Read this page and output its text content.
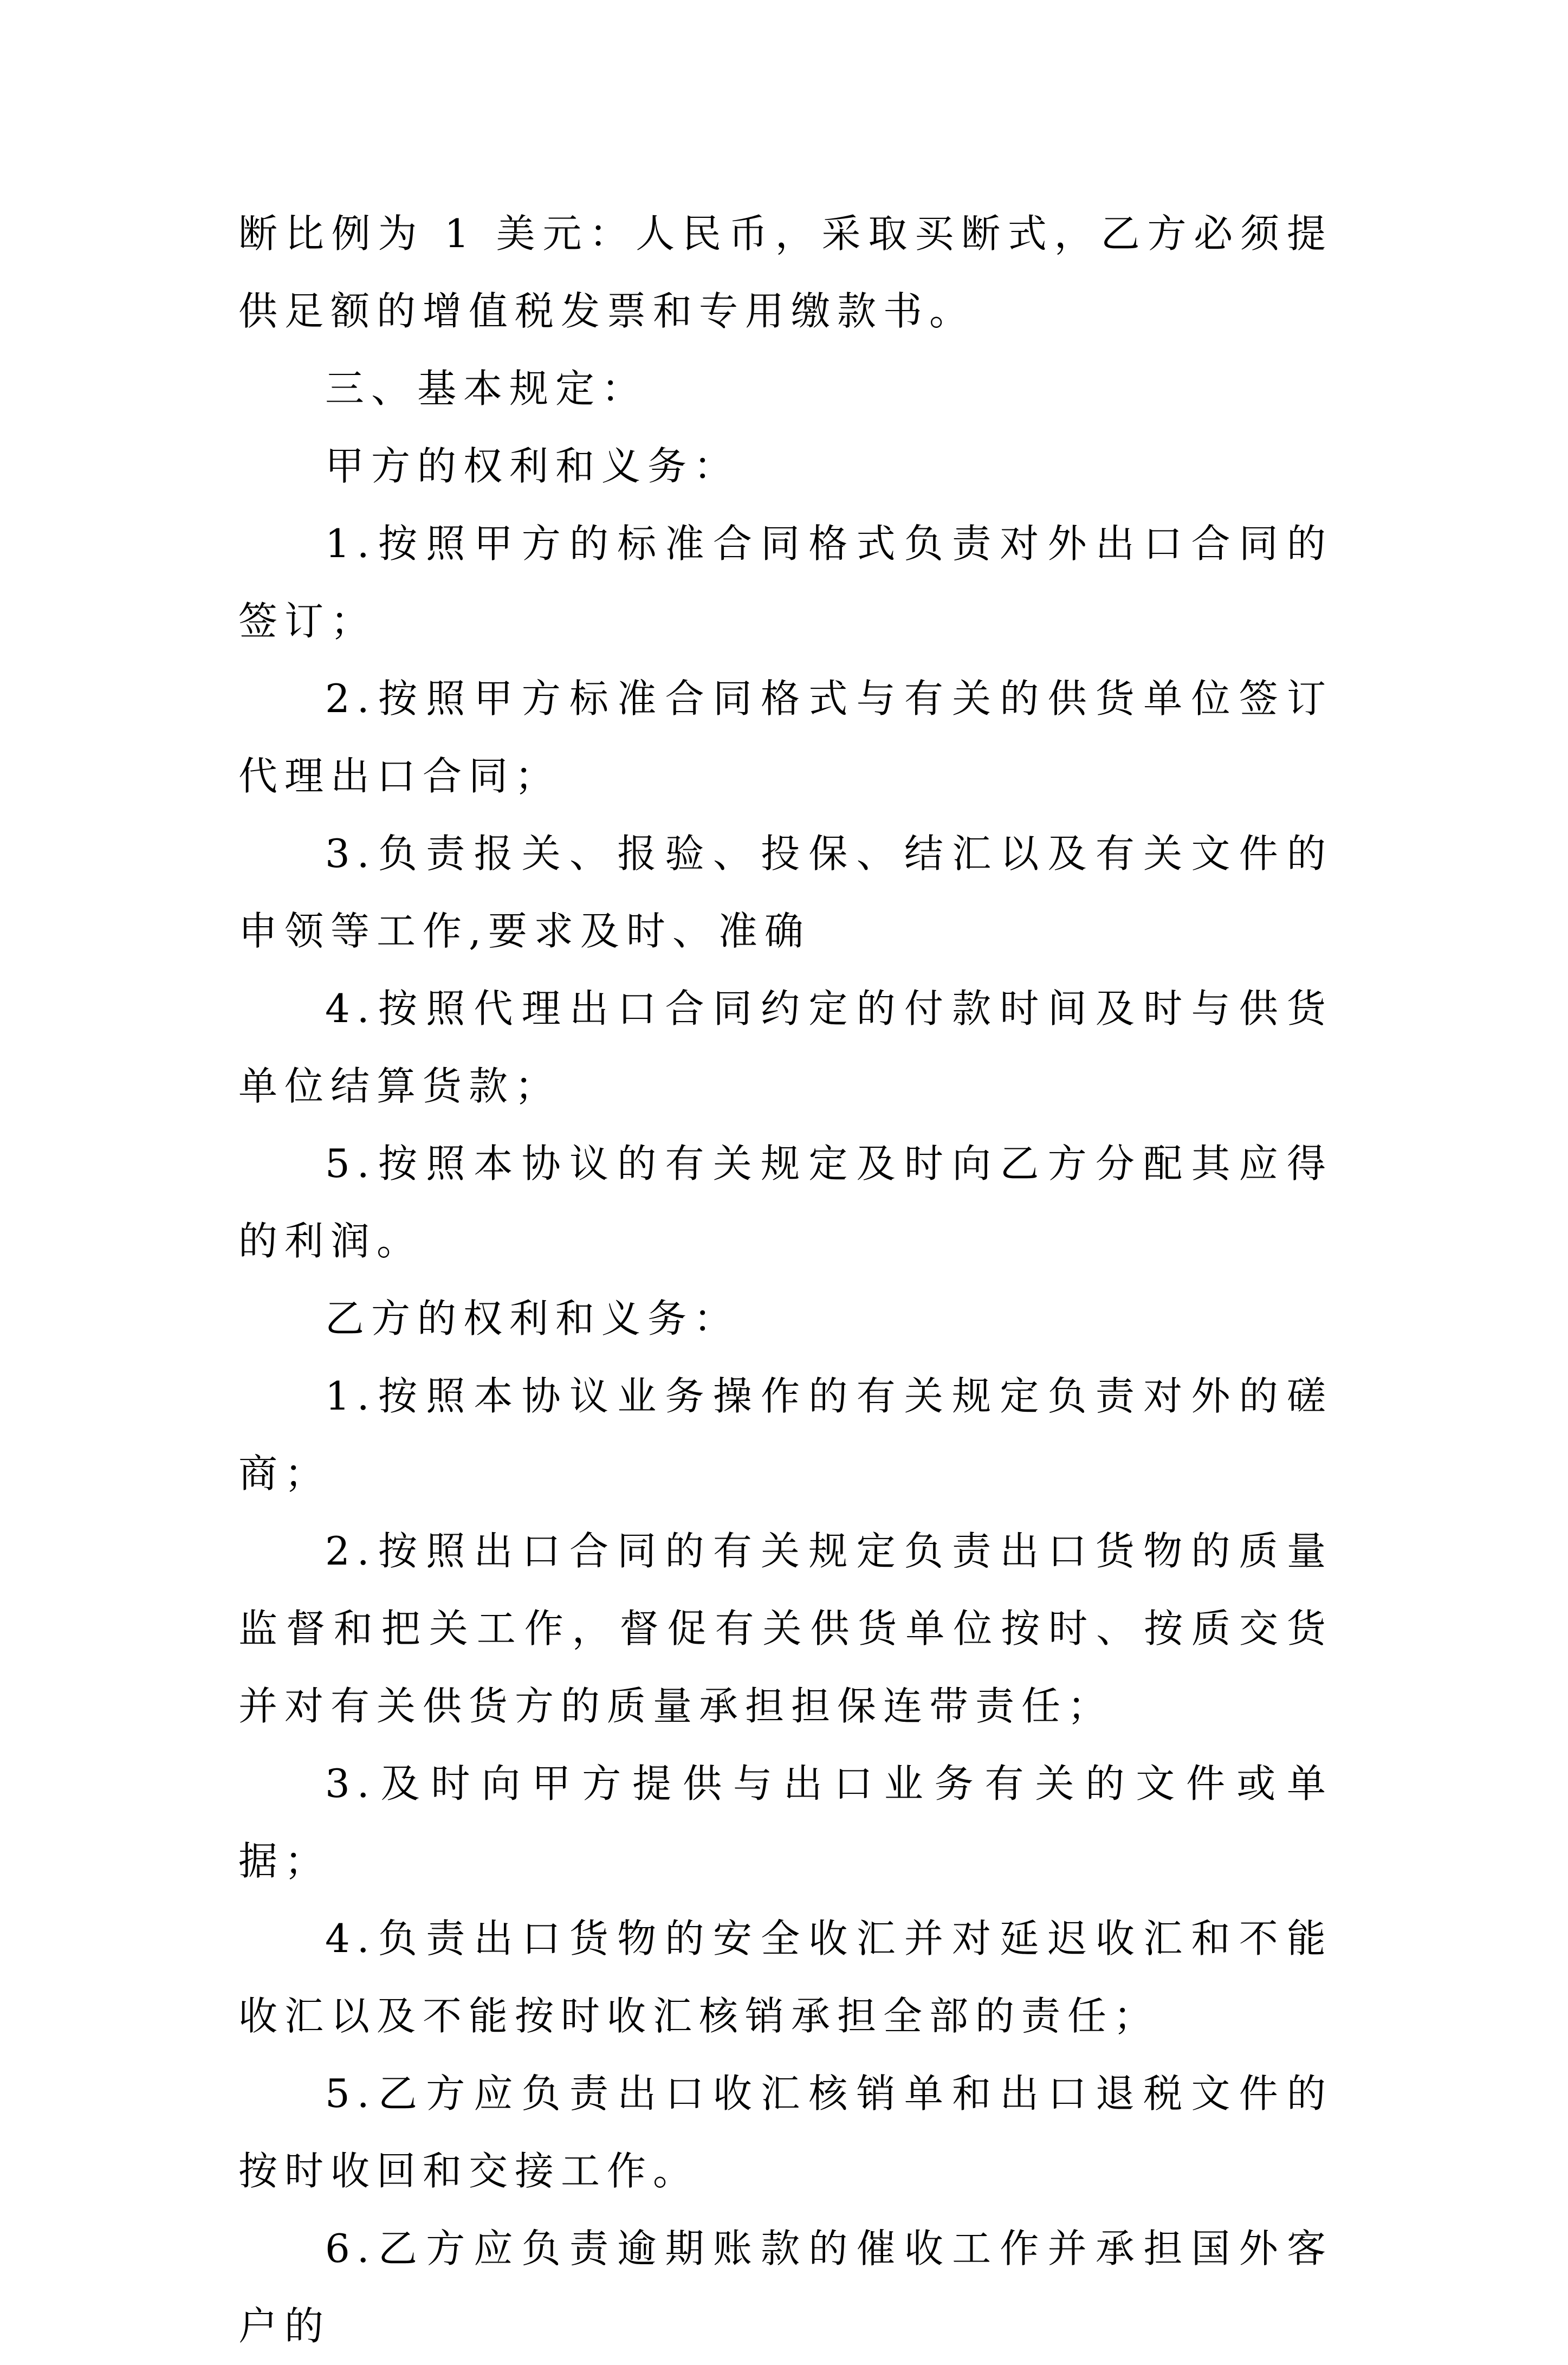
断比例为 1 美元：人民币，采取买断式，乙方必须提供足额的增值税发票和专用缴款书。

三、基本规定：

甲方的权利和义务：

1.按照甲方的标准合同格式负责对外出口合同的签订；

2.按照甲方标准合同格式与有关的供货单位签订代理出口合同；

3.负责报关、报验、投保、结汇以及有关文件的申领等工作,要求及时、准确

4.按照代理出口合同约定的付款时间及时与供货单位结算货款；

5.按照本协议的有关规定及时向乙方分配其应得的利润。

乙方的权利和义务：

1.按照本协议业务操作的有关规定负责对外的磋商；

2.按照出口合同的有关规定负责出口货物的质量监督和把关工作，督促有关供货单位按时、按质交货并对有关供货方的质量承担担保连带责任；

3.及时向甲方提供与出口业务有关的文件或单据；

4.负责出口货物的安全收汇并对延迟收汇和不能收汇以及不能按时收汇核销承担全部的责任；

5.乙方应负责出口收汇核销单和出口退税文件的按时收回和交接工作。

6.乙方应负责逾期账款的催收工作并承担国外客户的
